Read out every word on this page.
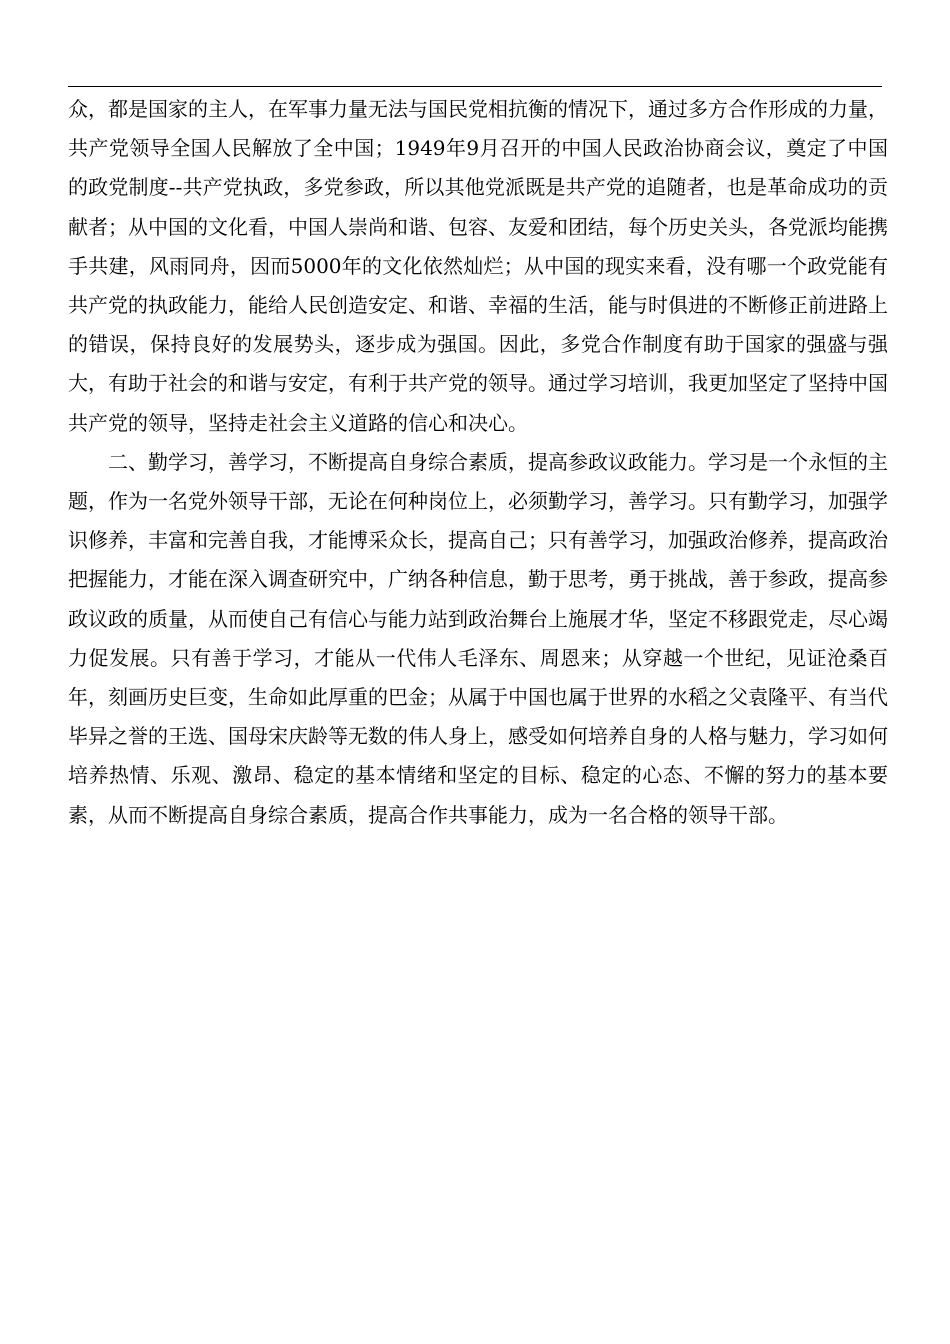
众，都是国家的主人，在军事力量无法与国民党相抗衡的情况下，通过多方合作形成的力量，共产党领导全国人民解放了全中国；1949年9月召开的中国人民政治协商会议，奠定了中国的政党制度--共产党执政，多党参政，所以其他党派既是共产党的追随者，也是革命成功的贡献者；从中国的文化看，中国人崇尚和谐、包容、友爱和团结，每个历史关头，各党派均能携手共建，风雨同舟，因而5000年的文化依然灿烂；从中国的现实来看，没有哪一个政党能有共产党的执政能力，能给人民创造安定、和谐、幸福的生活，能与时俱进的不断修正前进路上的错误，保持良好的发展势头，逐步成为强国。因此，多党合作制度有助于国家的强盛与强大，有助于社会的和谐与安定，有利于共产党的领导。通过学习培训，我更加坚定了坚持中国共产党的领导，坚持走社会主义道路的信心和决心。

二、勤学习，善学习，不断提高自身综合素质，提高参政议政能力。学习是一个永恒的主题，作为一名党外领导干部，无论在何种岗位上，必须勤学习，善学习。只有勤学习，加强学识修养，丰富和完善自我，才能博采众长，提高自己；只有善学习，加强政治修养，提高政治把握能力，才能在深入调查研究中，广纳各种信息，勤于思考，勇于挑战，善于参政，提高参政议政的质量，从而使自己有信心与能力站到政治舞台上施展才华，坚定不移跟党走，尽心竭力促发展。只有善于学习，才能从一代伟人毛泽东、周恩来；从穿越一个世纪，见证沧桑百年，刻画历史巨变，生命如此厚重的巴金；从属于中国也属于世界的水稻之父袁隆平、有当代毕异之誉的王选、国母宋庆龄等无数的伟人身上，感受如何培养自身的人格与魅力，学习如何培养热情、乐观、激昂、稳定的基本情绪和坚定的目标、稳定的心态、不懈的努力的基本要素，从而不断提高自身综合素质，提高合作共事能力，成为一名合格的领导干部。
